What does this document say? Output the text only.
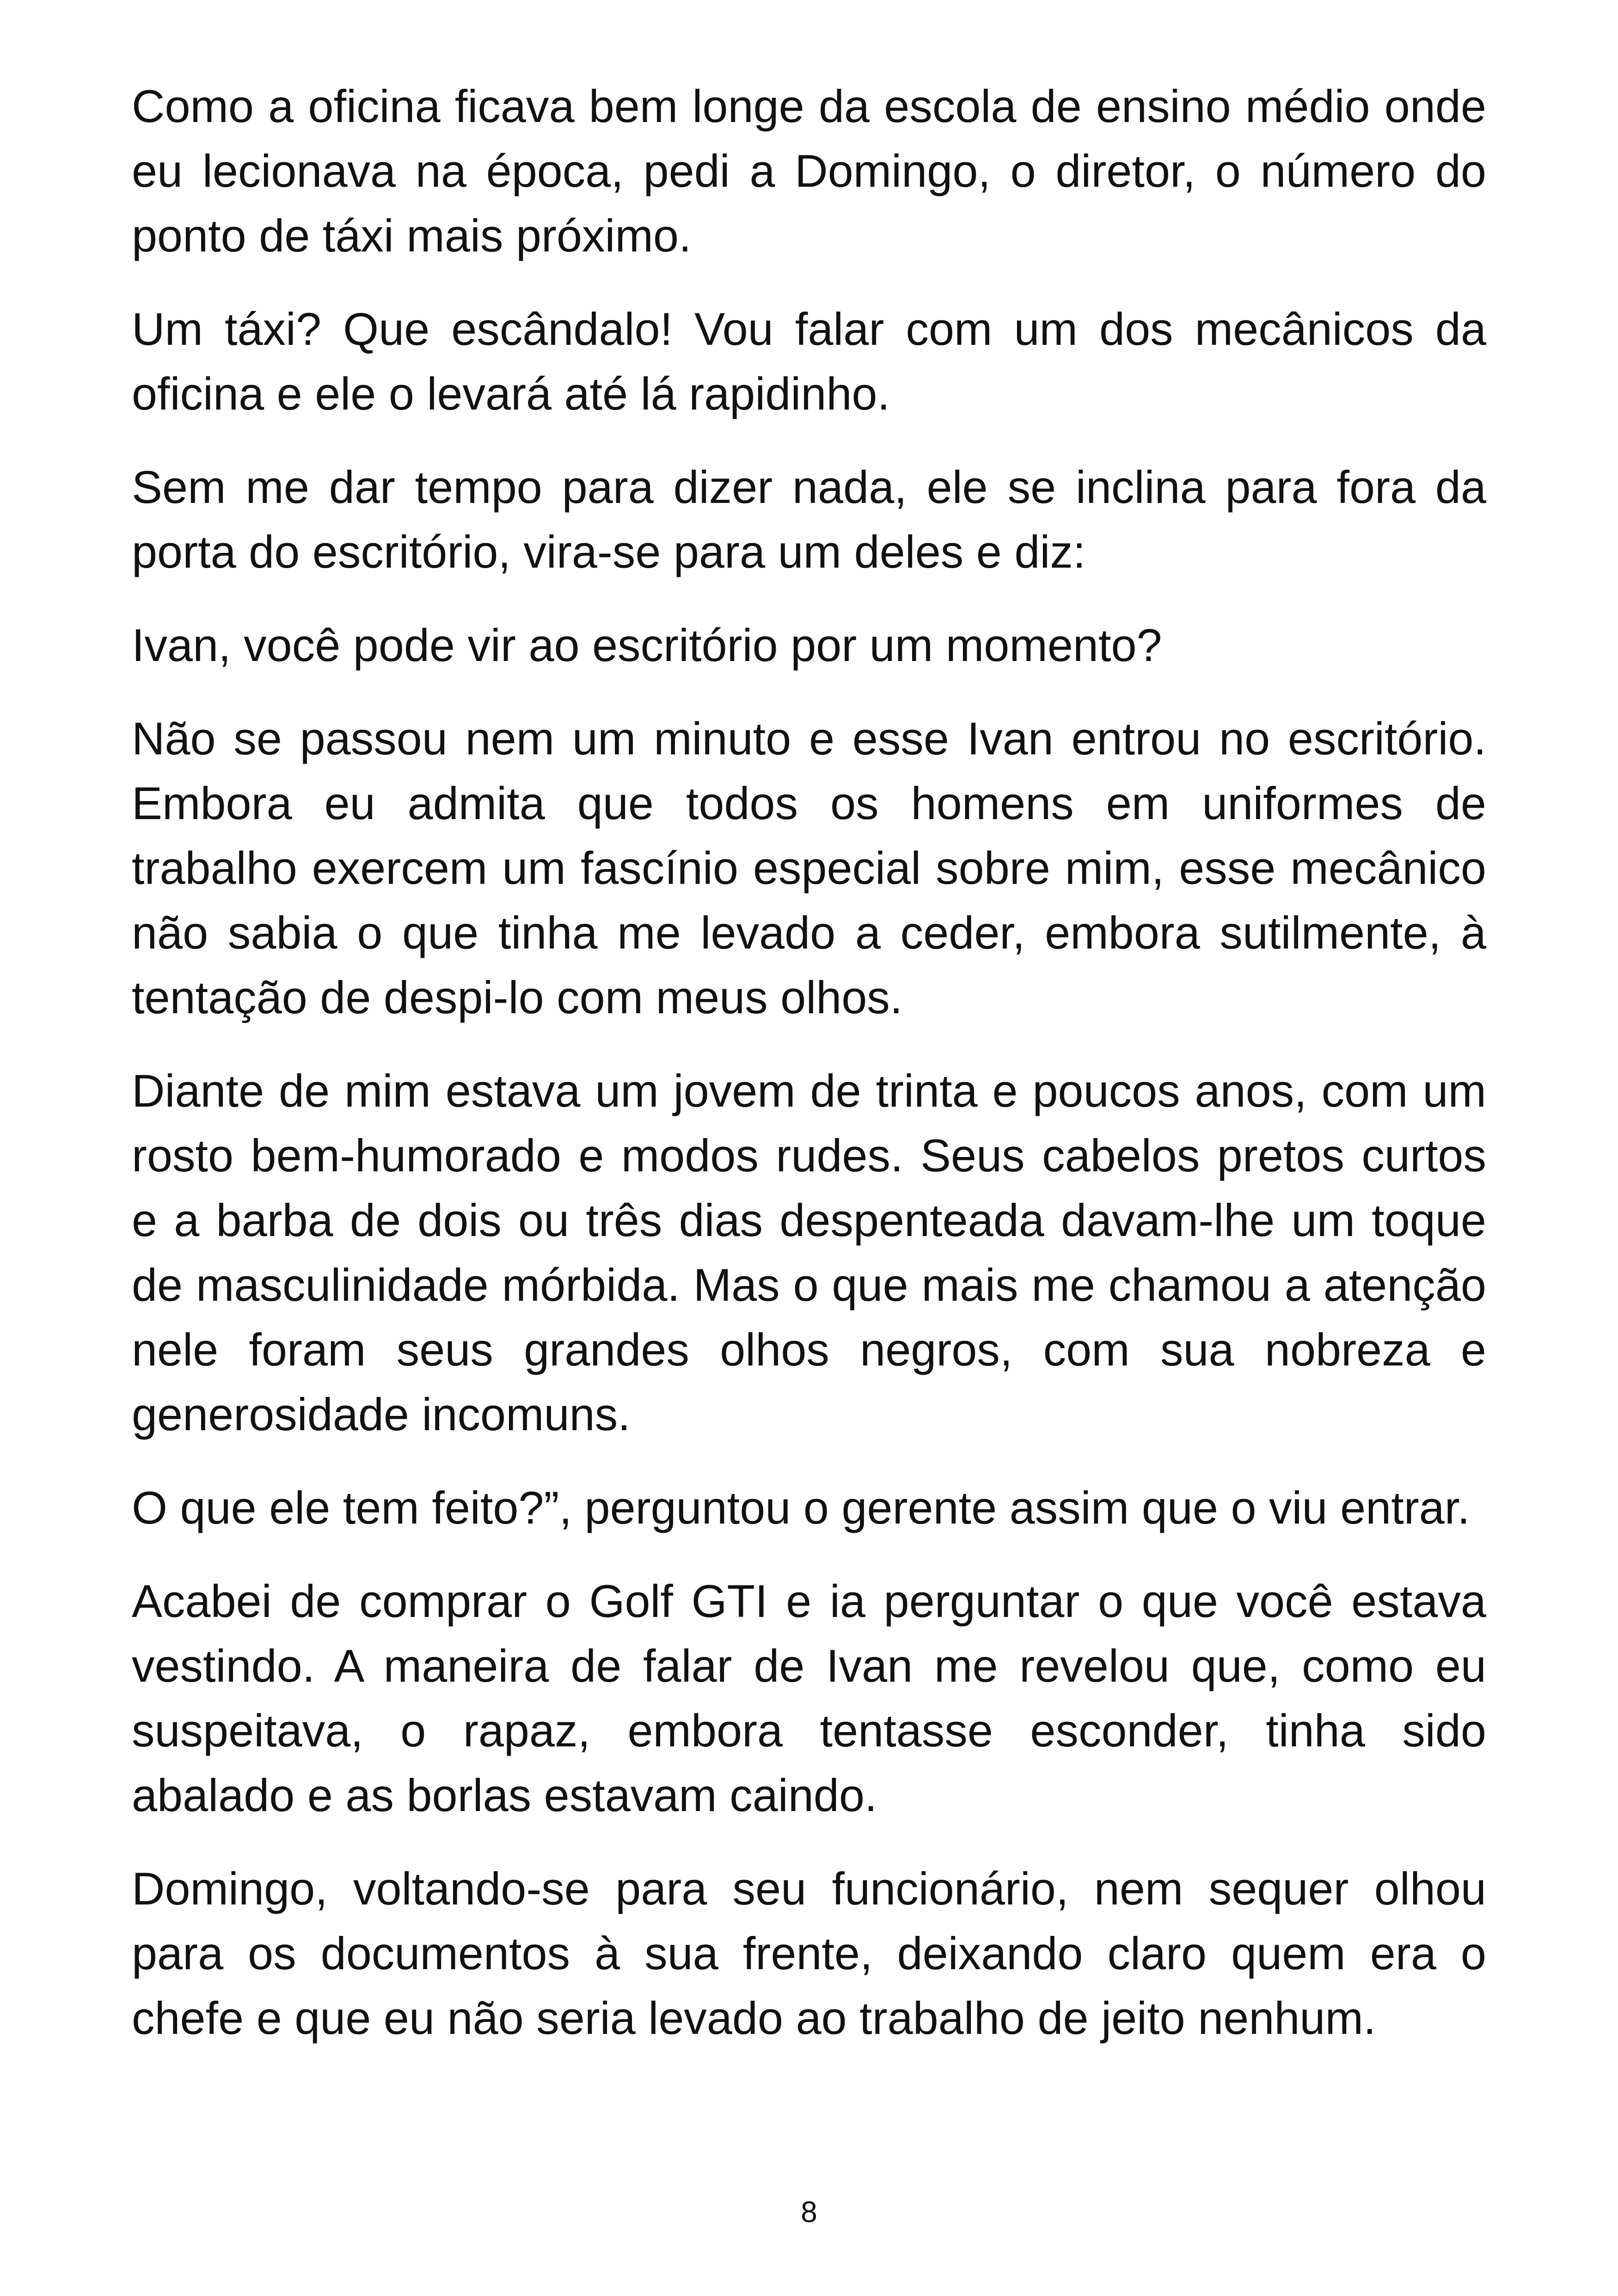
Como a oficina ficava bem longe da escola de ensino médio onde eu lecionava na época, pedi a Domingo, o diretor, o número do ponto de táxi mais próximo.

Um táxi? Que escândalo! Vou falar com um dos mecânicos da oficina e ele o levará até lá rapidinho.

Sem me dar tempo para dizer nada, ele se inclina para fora da porta do escritório, vira-se para um deles e diz:

Ivan, você pode vir ao escritório por um momento?

Não se passou nem um minuto e esse Ivan entrou no escritório. Embora eu admita que todos os homens em uniformes de trabalho exercem um fascínio especial sobre mim, esse mecânico não sabia o que tinha me levado a ceder, embora sutilmente, à tentação de despi-lo com meus olhos.

Diante de mim estava um jovem de trinta e poucos anos, com um rosto bem-humorado e modos rudes. Seus cabelos pretos curtos e a barba de dois ou três dias despenteada davam-lhe um toque de masculinidade mórbida. Mas o que mais me chamou a atenção nele foram seus grandes olhos negros, com sua nobreza e generosidade incomuns.

O que ele tem feito?”, perguntou o gerente assim que o viu entrar.

Acabei de comprar o Golf GTI e ia perguntar o que você estava vestindo. A maneira de falar de Ivan me revelou que, como eu suspeitava, o rapaz, embora tentasse esconder, tinha sido abalado e as borlas estavam caindo.

Domingo, voltando-se para seu funcionário, nem sequer olhou para os documentos à sua frente, deixando claro quem era o chefe e que eu não seria levado ao trabalho de jeito nenhum.

8
